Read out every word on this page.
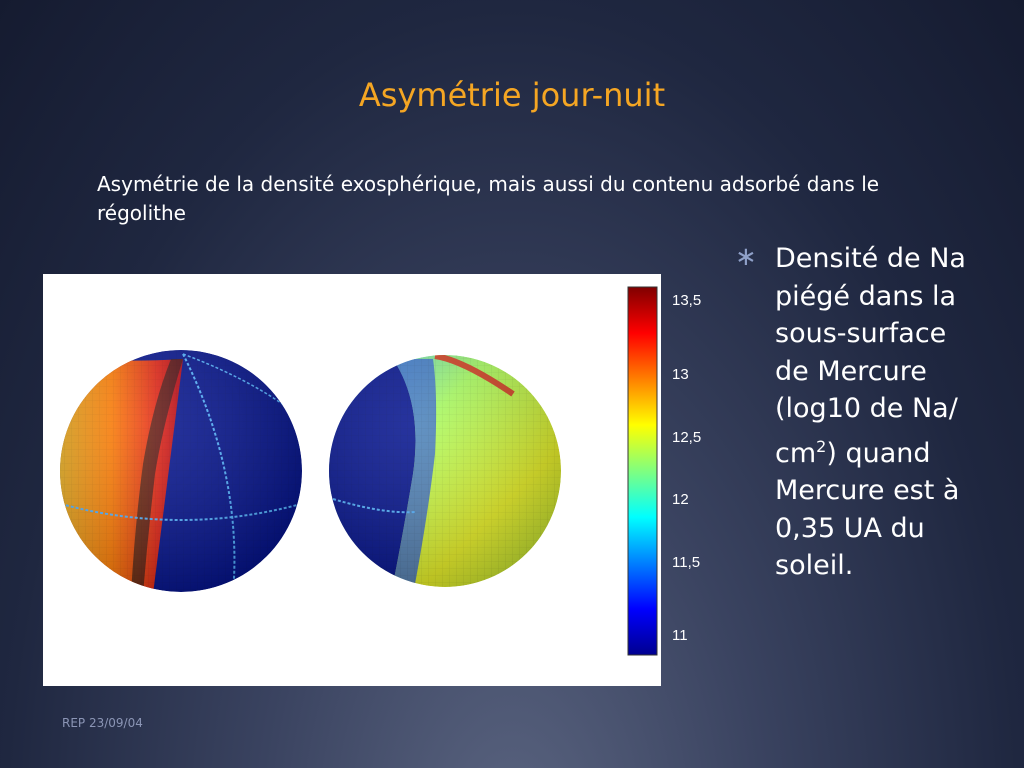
Asymétrie jour-nuit
Asymétrie de la densité exosphérique, mais aussi du contenu adsorbé dans le régolithe
13,5
13
12,5
12
11,5
11
∗ Densité de Na piégé dans la sous-surface de Mercure (log10 de Na/ $cm^2$) quand Mercure est à 0,35 UA du soleil.
REP 23/09/04
